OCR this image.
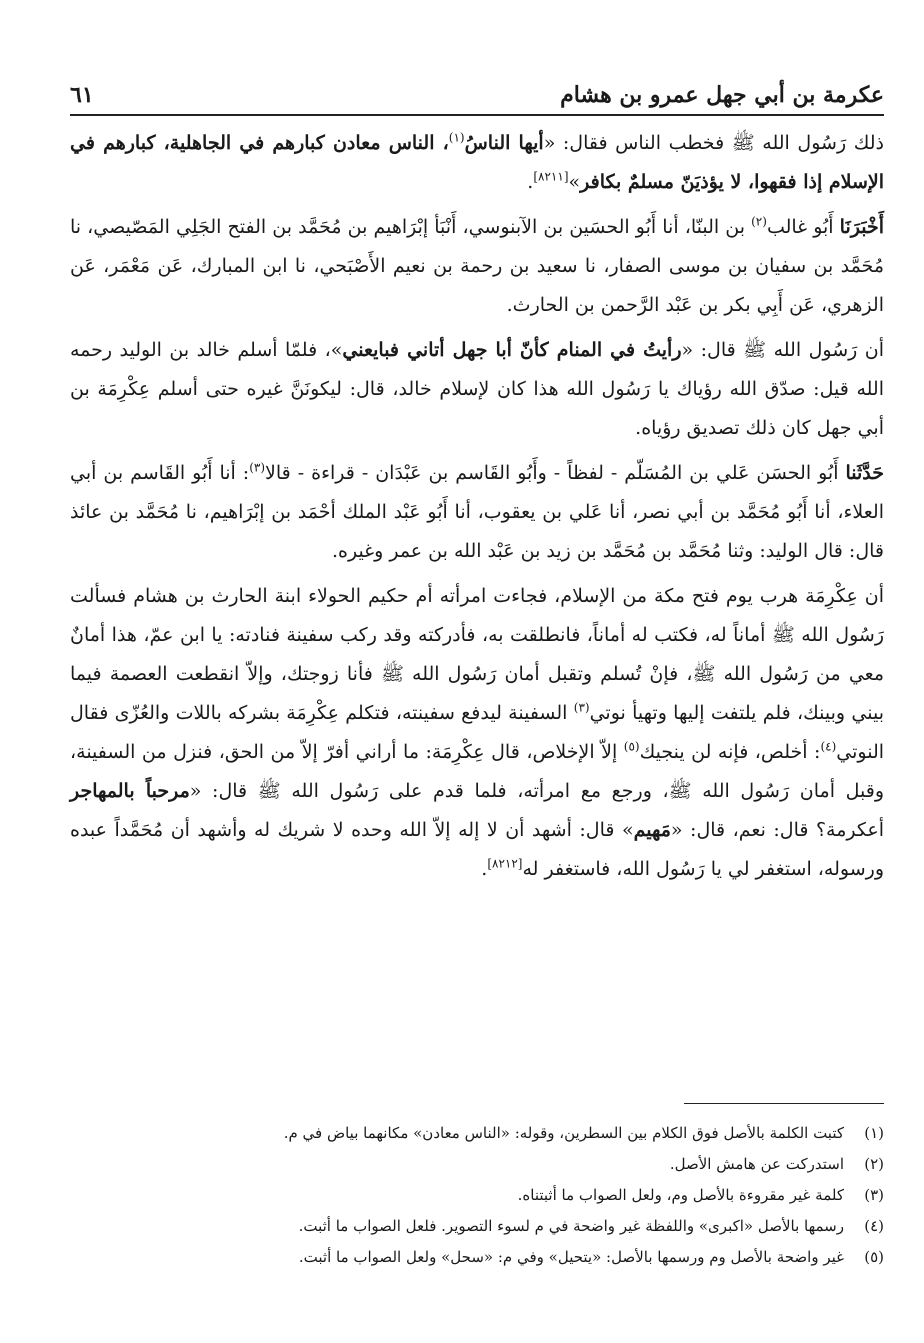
عكرمة بن أبي جهل عمرو بن هشام
٦١

ذلك رَسُول الله ﷺ فخطب الناس فقال: «أيها الناسُ$^{(١)}$، الناس معادن كبارهم في الجاهلية، كبارهم في الإسلام إذا فقهوا، لا يؤذيَنّ مسلمٌ بكافر»[٨٢١١].

أَخْبَرَنَا أَبُو غالب$^{(٢)}$ بن البنّا، أنا أَبُو الحسَين بن الآبنوسي، أَنْبَأ إبْرَاهيم بن مُحَمَّد بن الفتح الجَلِي المَصّيصي، نا مُحَمَّد بن سفيان بن موسى الصفار، نا سعيد بن رحمة بن نعيم الأَصْبَحي، نا ابن المبارك، عَن مَعْمَر، عَن الزهري، عَن أَبِي بكر بن عَبْد الرَّحمن بن الحارث.

أن رَسُول الله ﷺ قال: «رأيتُ في المنام كأنّ أبا جهل أتاني فبايعني»، فلمّا أسلم خالد بن الوليد رحمه الله قيل: صدّق الله رؤياك يا رَسُول الله هذا كان لإسلام خالد، قال: ليكونَنَّ غيره حتى أسلم عِكْرِمَة بن أبي جهل كان ذلك تصديق رؤياه.

حَدَّثَنا أَبُو الحسَن عَلي بن المُسَلّم - لفظاً - وأَبُو القَاسم بن عَبْدَان - قراءة - قالا$^{(٣)}$: أنا أَبُو القَاسم بن أبي العلاء، أنا أَبُو مُحَمَّد بن أبي نصر، أنا عَلي بن يعقوب، أنا أَبُو عَبْد الملك أحْمَد بن إبْرَاهيم، نا مُحَمَّد بن عائذ قال: قال الوليد: وثنا مُحَمَّد بن مُحَمَّد بن زيد بن عَبْد الله بن عمر وغيره.

أن عِكْرِمَة هرب يوم فتح مكة من الإسلام، فجاءت امرأته أم حكيم الحولاء ابنة الحارث بن هشام فسألت رَسُول الله ﷺ أماناً له، فكتب له أماناً، فانطلقت به، فأدركته وقد ركب سفينة فنادته: يا ابن عمّ، هذا أمانٌ معي من رَسُول الله ﷺ، فإنْ تُسلم وتقبل أمان رَسُول الله ﷺ فأنا زوجتك، وإلاّ انقطعت العصمة فيما بيني وبينك، فلم يلتفت إليها وتهيأ نوتي$^{(٣)}$ السفينة ليدفع سفينته، فتكلم عِكْرِمَة بشركه باللات والعُزّى فقال النوتي$^{(٤)}$: أخلص، فإنه لن ينجيك$^{(٥)}$ إلاّ الإخلاص، قال عِكْرِمَة: ما أراني أفرّ إلاّ من الحق، فنزل من السفينة، وقبل أمان رَسُول الله ﷺ، ورجع مع امرأته، فلما قدم على رَسُول الله ﷺ قال: «مرحباً بالمهاجر أعكرمة؟ قال: نعم، قال: «مَهيم» قال: أشهد أن لا إله إلاّ الله وحده لا شريك له وأشهد أن مُحَمَّداً عبده ورسوله، استغفر لي يا رَسُول الله، فاستغفر له[٨٢١٢].

(١)
كتبت الكلمة بالأصل فوق الكلام بين السطرين، وقوله: «الناس معادن» مكانهما بياض في م.
(٢)
استدركت عن هامش الأصل.
(٣)
كلمة غير مقروءة بالأصل وم، ولعل الصواب ما أثبتناه.
(٤)
رسمها بالأصل «اكبرى» واللفظة غير واضحة في م لسوء التصوير. فلعل الصواب ما أثبت.
(٥)
غير واضحة بالأصل وم ورسمها بالأصل: «يتحيل» وفي م: «سحل» ولعل الصواب ما أثبت.
